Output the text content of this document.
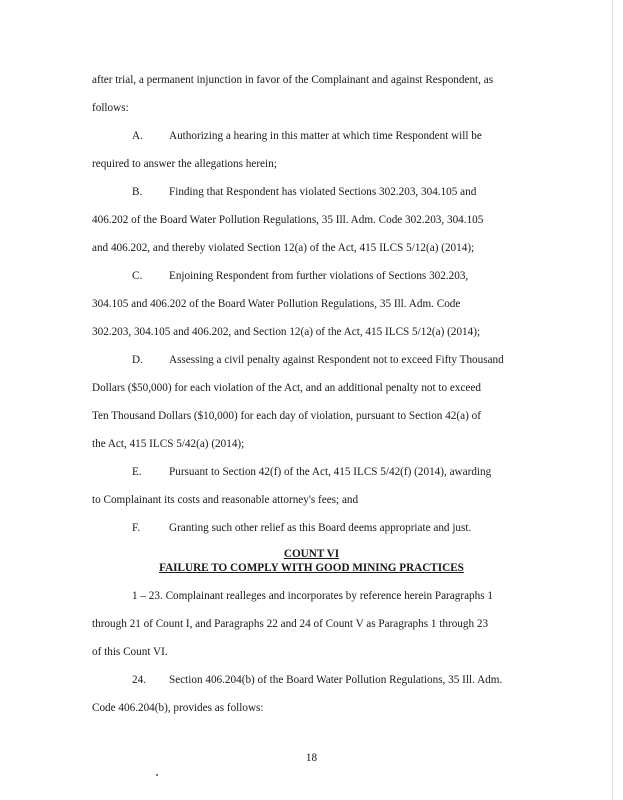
after trial, a permanent injunction in favor of the Complainant and against Respondent, as
follows:
A. Authorizing a hearing in this matter at which time Respondent will be
required to answer the allegations herein;
B. Finding that Respondent has violated Sections 302.203, 304.105 and
406.202 of the Board Water Pollution Regulations, 35 Ill. Adm. Code 302.203, 304.105
and 406.202, and thereby violated Section 12(a) of the Act, 415 ILCS 5/12(a) (2014);
C. Enjoining Respondent from further violations of Sections 302.203,
304.105 and 406.202 of the Board Water Pollution Regulations, 35 Ill. Adm. Code
302.203, 304.105 and 406.202, and Section 12(a) of the Act, 415 ILCS 5/12(a) (2014);
D. Assessing a civil penalty against Respondent not to exceed Fifty Thousand
Dollars ($50,000) for each violation of the Act, and an additional penalty not to exceed
Ten Thousand Dollars ($10,000) for each day of violation, pursuant to Section 42(a) of
the Act, 415 ILCS 5/42(a) (2014);
E. Pursuant to Section 42(f) of the Act, 415 ILCS 5/42(f) (2014), awarding
to Complainant its costs and reasonable attorney's fees; and
F.	Granting such other relief as this Board deems appropriate and just.
COUNT VI
FAILURE TO COMPLY WITH GOOD MINING PRACTICES
1 – 23. Complainant realleges and incorporates by reference herein Paragraphs 1
through 21 of Count I, and Paragraphs 22 and 24 of Count V as Paragraphs 1 through 23
of this Count VI.
24. Section 406.204(b) of the Board Water Pollution Regulations, 35 Ill. Adm.
Code 406.204(b), provides as follows:
18
